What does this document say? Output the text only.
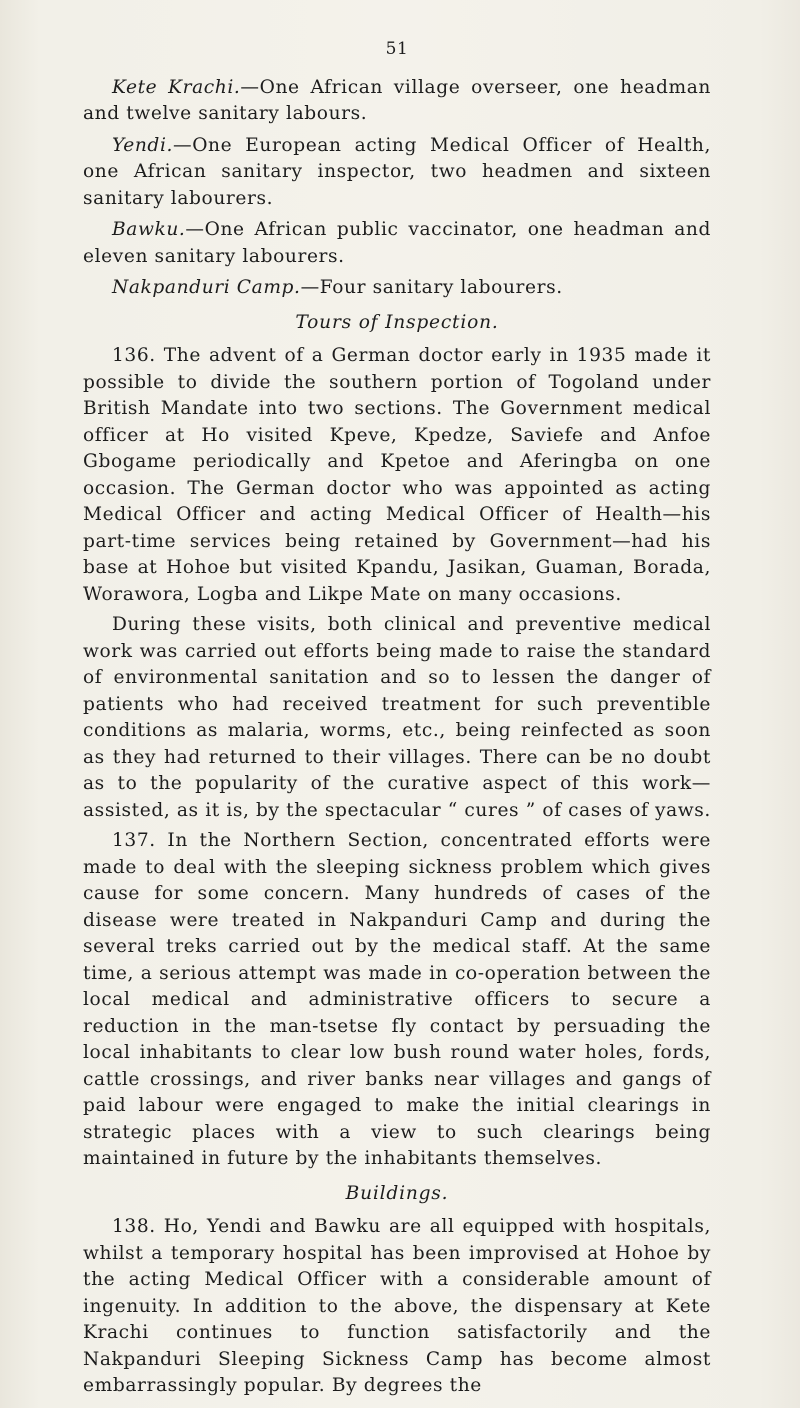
51

Kete Krachi.—One African village overseer, one headman and twelve sanitary labours.

Yendi.—One European acting Medical Officer of Health, one African sanitary inspector, two headmen and sixteen sanitary labourers.

Bawku.—One African public vaccinator, one headman and eleven sanitary labourers.

Nakpanduri Camp.—Four sanitary labourers.

Tours of Inspection.

136. The advent of a German doctor early in 1935 made it possible to divide the southern portion of Togoland under British Mandate into two sections. The Government medical officer at Ho visited Kpeve, Kpedze, Saviefe and Anfoe Gbogame periodically and Kpetoe and Aferingba on one occasion. The German doctor who was appointed as acting Medical Officer and acting Medical Officer of Health—his part-time services being retained by Government—had his base at Hohoe but visited Kpandu, Jasikan, Guaman, Borada, Worawora, Logba and Likpe Mate on many occasions.

During these visits, both clinical and preventive medical work was carried out efforts being made to raise the standard of environmental sanitation and so to lessen the danger of patients who had received treatment for such preventible conditions as malaria, worms, etc., being reinfected as soon as they had returned to their villages. There can be no doubt as to the popularity of the curative aspect of this work—assisted, as it is, by the spectacular “ cures ” of cases of yaws.

137. In the Northern Section, concentrated efforts were made to deal with the sleeping sickness problem which gives cause for some concern. Many hundreds of cases of the disease were treated in Nakpanduri Camp and during the several treks carried out by the medical staff. At the same time, a serious attempt was made in co-operation between the local medical and administrative officers to secure a reduction in the man-tsetse fly contact by persuading the local inhabitants to clear low bush round water holes, fords, cattle crossings, and river banks near villages and gangs of paid labour were engaged to make the initial clearings in strategic places with a view to such clearings being maintained in future by the inhabitants themselves.

Buildings.

138. Ho, Yendi and Bawku are all equipped with hospitals, whilst a temporary hospital has been improvised at Hohoe by the acting Medical Officer with a considerable amount of ingenuity. In addition to the above, the dispensary at Kete Krachi continues to function satisfactorily and the Nakpanduri Sleeping Sickness Camp has become almost embarrassingly popular. By degrees the
